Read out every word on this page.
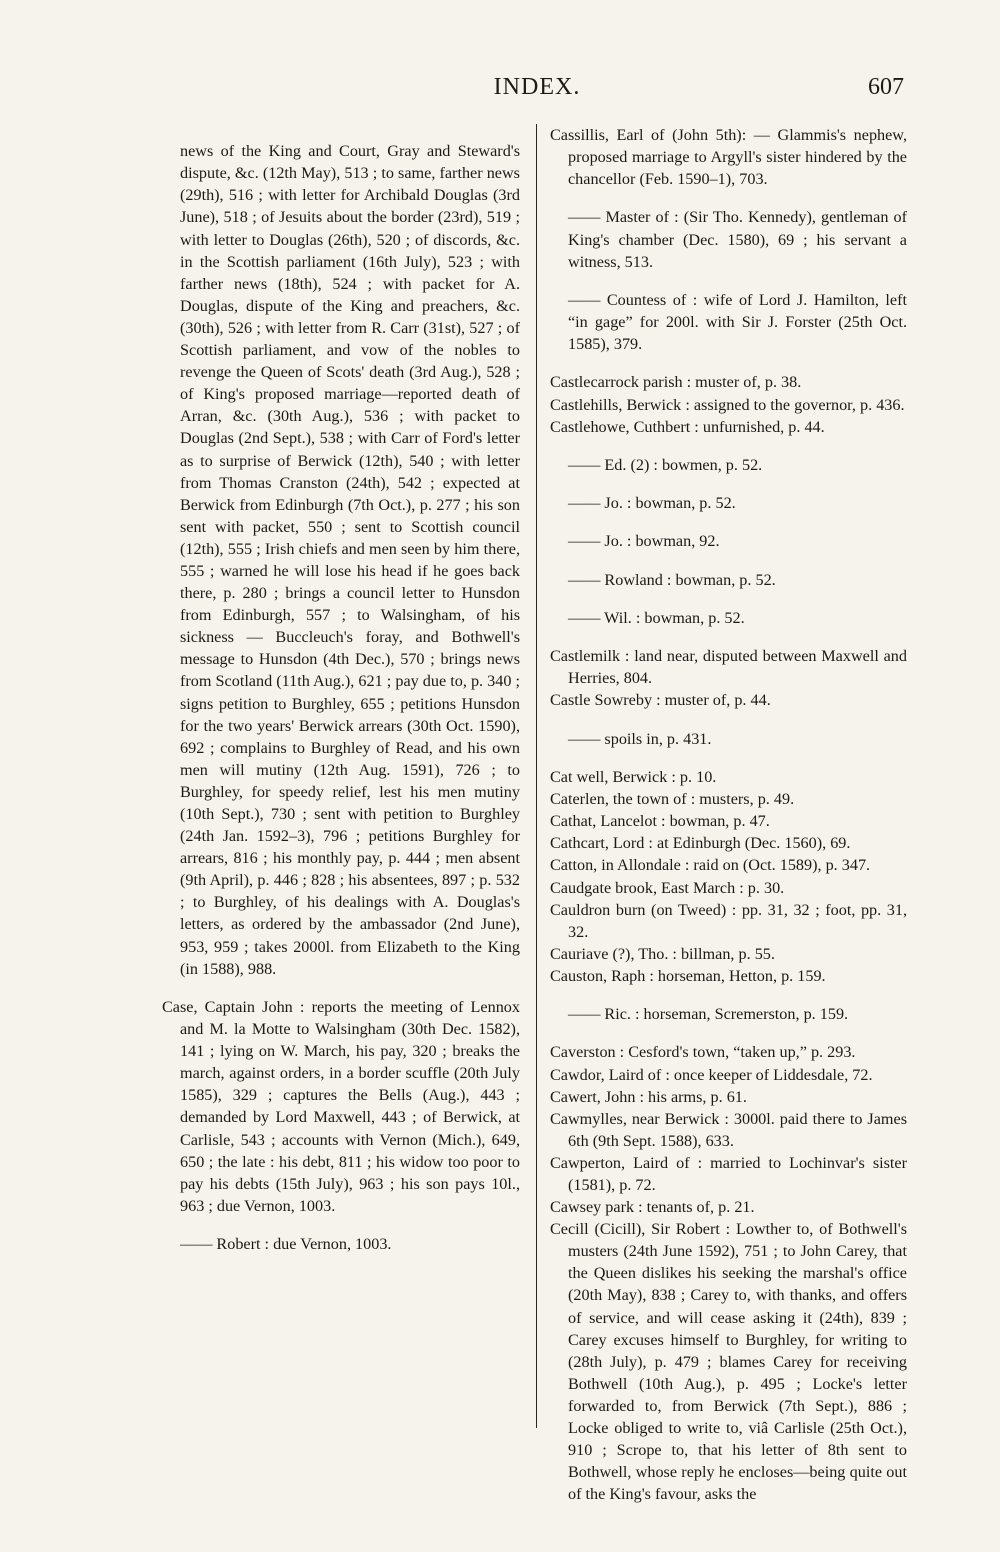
INDEX.	607

news of the King and Court, Gray and Steward's dispute, &c. (12th May), 513 ; to same, farther news (29th), 516 ; with letter for Archibald Douglas (3rd June), 518 ; of Jesuits about the border (23rd), 519 ; with letter to Douglas (26th), 520 ; of discords, &c. in the Scottish parliament (16th July), 523 ; with farther news (18th), 524 ; with packet for A. Douglas, dispute of the King and preachers, &c. (30th), 526 ; with letter from R. Carr (31st), 527 ; of Scottish parliament, and vow of the nobles to revenge the Queen of Scots' death (3rd Aug.), 528 ; of King's proposed marriage—reported death of Arran, &c. (30th Aug.), 536 ; with packet to Douglas (2nd Sept.), 538 ; with Carr of Ford's letter as to surprise of Berwick (12th), 540 ; with letter from Thomas Cranston (24th), 542 ; expected at Berwick from Edinburgh (7th Oct.), p. 277 ; his son sent with packet, 550 ; sent to Scottish council (12th), 555 ; Irish chiefs and men seen by him there, 555 ; warned he will lose his head if he goes back there, p. 280 ; brings a council letter to Hunsdon from Edinburgh, 557 ; to Walsingham, of his sickness — Buccleuch's foray, and Bothwell's message to Hunsdon (4th Dec.), 570 ; brings news from Scotland (11th Aug.), 621 ; pay due to, p. 340 ; signs petition to Burghley, 655 ; petitions Hunsdon for the two years' Berwick arrears (30th Oct. 1590), 692 ; complains to Burghley of Read, and his own men will mutiny (12th Aug. 1591), 726 ; to Burghley, for speedy relief, lest his men mutiny (10th Sept.), 730 ; sent with petition to Burghley (24th Jan. 1592–3), 796 ; petitions Burghley for arrears, 816 ; his monthly pay, p. 444 ; men absent (9th April), p. 446 ; 828 ; his absentees, 897 ; p. 532 ; to Burghley, of his dealings with A. Douglas's letters, as ordered by the ambassador (2nd June), 953, 959 ; takes 2000l. from Elizabeth to the King (in 1588), 988.

Case, Captain John : reports the meeting of Lennox and M. la Motte to Walsingham (30th Dec. 1582), 141 ; lying on W. March, his pay, 320 ; breaks the march, against orders, in a border scuffle (20th July 1585), 329 ; captures the Bells (Aug.), 443 ; demanded by Lord Maxwell, 443 ; of Berwick, at Carlisle, 543 ; accounts with Vernon (Mich.), 649, 650 ; the late : his debt, 811 ; his widow too poor to pay his debts (15th July), 963 ; his son pays 10l., 963 ; due Vernon, 1003.

—— Robert : due Vernon, 1003.

Cassillis, Earl of (John 5th): — Glammis's nephew, proposed marriage to Argyll's sister hindered by the chancellor (Feb. 1590–1), 703.

—— Master of : (Sir Tho. Kennedy), gentleman of King's chamber (Dec. 1580), 69 ; his servant a witness, 513.

—— Countess of : wife of Lord J. Hamilton, left “in gage” for 200l. with Sir J. Forster (25th Oct. 1585), 379.

Castlecarrock parish : muster of, p. 38.

Castlehills, Berwick : assigned to the governor, p. 436.

Castlehowe, Cuthbert : unfurnished, p. 44.

—— Ed. (2) : bowmen, p. 52.

—— Jo. : bowman, p. 52.

—— Jo. : bowman, 92.

—— Rowland : bowman, p. 52.

—— Wil. : bowman, p. 52.

Castlemilk : land near, disputed between Maxwell and Herries, 804.

Castle Sowreby : muster of, p. 44.

—— spoils in, p. 431.

Cat well, Berwick : p. 10.

Caterlen, the town of : musters, p. 49.

Cathat, Lancelot : bowman, p. 47.

Cathcart, Lord : at Edinburgh (Dec. 1560), 69.

Catton, in Allondale : raid on (Oct. 1589), p. 347.

Caudgate brook, East March : p. 30.

Cauldron burn (on Tweed) : pp. 31, 32 ; foot, pp. 31, 32.

Cauriave (?), Tho. : billman, p. 55.

Causton, Raph : horseman, Hetton, p. 159.

—— Ric. : horseman, Scremerston, p. 159.

Caverston : Cesford's town, “taken up,” p. 293.

Cawdor, Laird of : once keeper of Liddesdale, 72.

Cawert, John : his arms, p. 61.

Cawmylles, near Berwick : 3000l. paid there to James 6th (9th Sept. 1588), 633.

Cawperton, Laird of : married to Lochinvar's sister (1581), p. 72.

Cawsey park : tenants of, p. 21.

Cecill (Cicill), Sir Robert : Lowther to, of Bothwell's musters (24th June 1592), 751 ; to John Carey, that the Queen dislikes his seeking the marshal's office (20th May), 838 ; Carey to, with thanks, and offers of service, and will cease asking it (24th), 839 ; Carey excuses himself to Burghley, for writing to (28th July), p. 479 ; blames Carey for receiving Bothwell (10th Aug.), p. 495 ; Locke's letter forwarded to, from Berwick (7th Sept.), 886 ; Locke obliged to write to, viâ Carlisle (25th Oct.), 910 ; Scrope to, that his letter of 8th sent to Bothwell, whose reply he encloses—being quite out of the King's favour, asks the
